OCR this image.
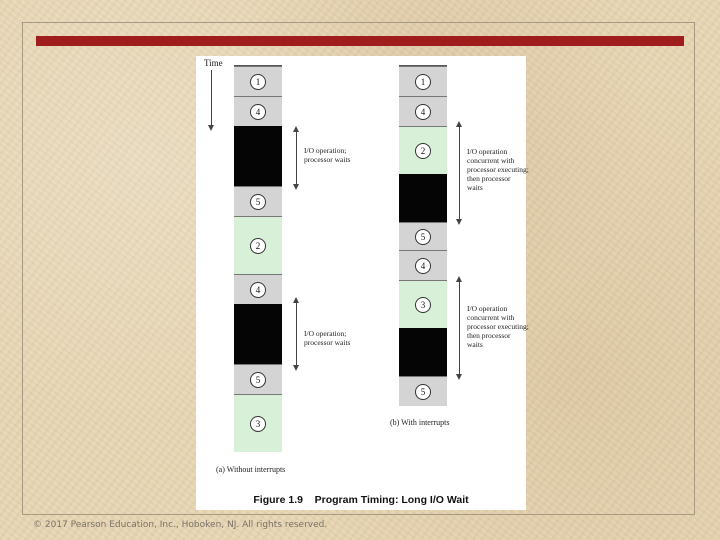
Time
1
4
5
2
4
5
3
I/O operation;
processor waits
I/O operation;
processor waits
(a) Without interrupts
1
4
2
5
4
3
5
I/O operation
concurrent with
processor executing;
then processor
waits
I/O operation
concurrent with
processor executing;
then processor
waits
(b) With interrupts
Figure 1.9    Program Timing: Long I/O Wait
© 2017 Pearson Education, Inc., Hoboken, NJ. All rights reserved.
